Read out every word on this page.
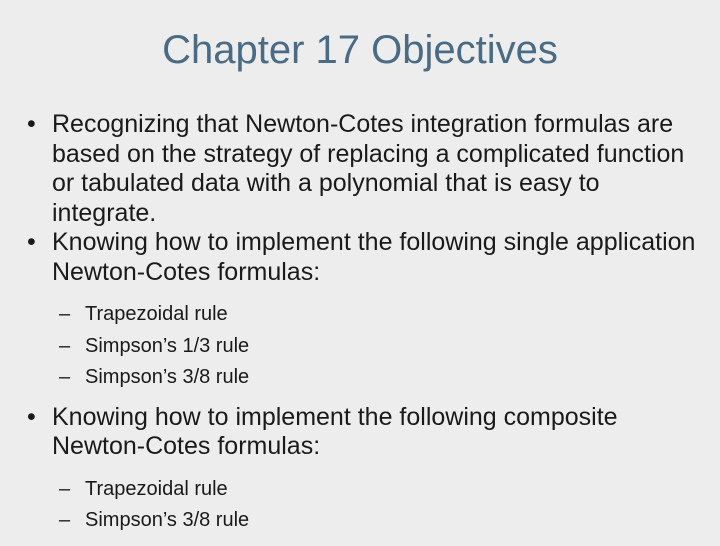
Chapter 17 Objectives
• Recognizing that Newton-Cotes integration formulas are based on the strategy of replacing a complicated function or tabulated data with a polynomial that is easy to integrate.
• Knowing how to implement the following single application Newton-Cotes formulas:
– Trapezoidal rule
– Simpson’s 1/3 rule
– Simpson’s 3/8 rule
• Knowing how to implement the following composite Newton-Cotes formulas:
– Trapezoidal rule
– Simpson’s 3/8 rule
